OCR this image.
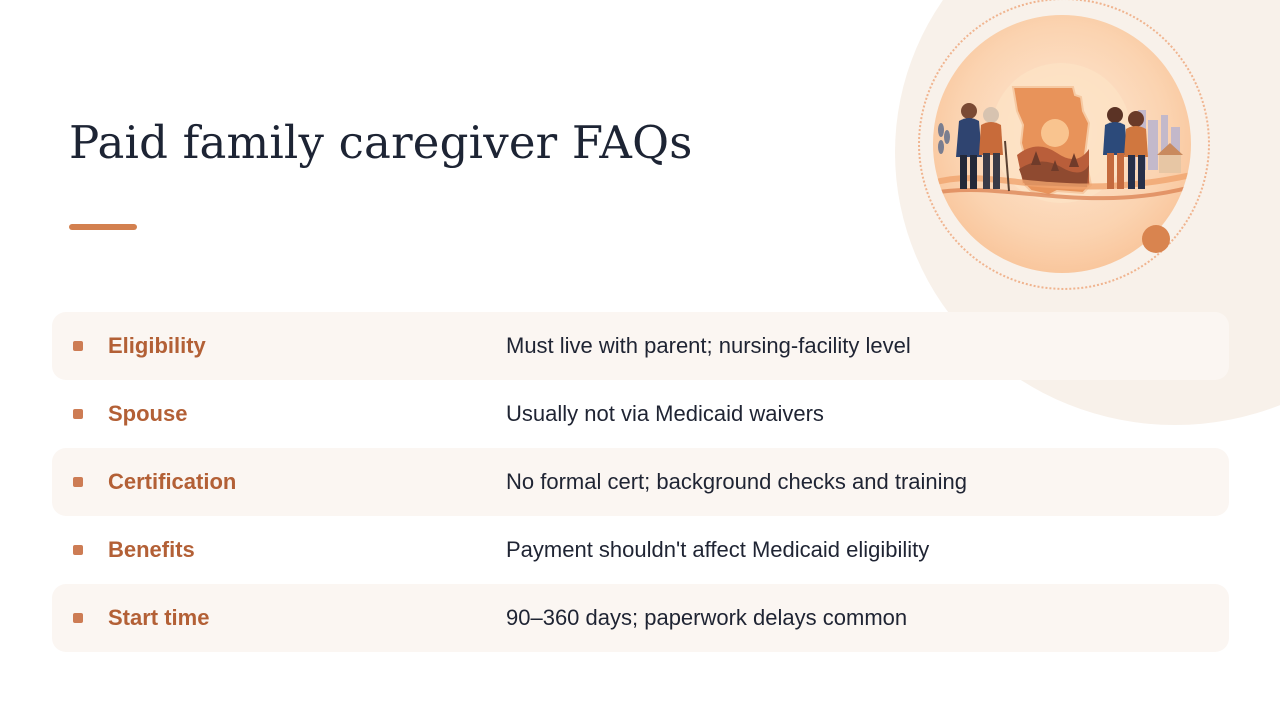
Paid family caregiver FAQs
Eligibility	Must live with parent; nursing-facility level
Spouse	Usually not via Medicaid waivers
Certification	No formal cert; background checks and training
Benefits	Payment shouldn't affect Medicaid eligibility
Start time	90–360 days; paperwork delays common
